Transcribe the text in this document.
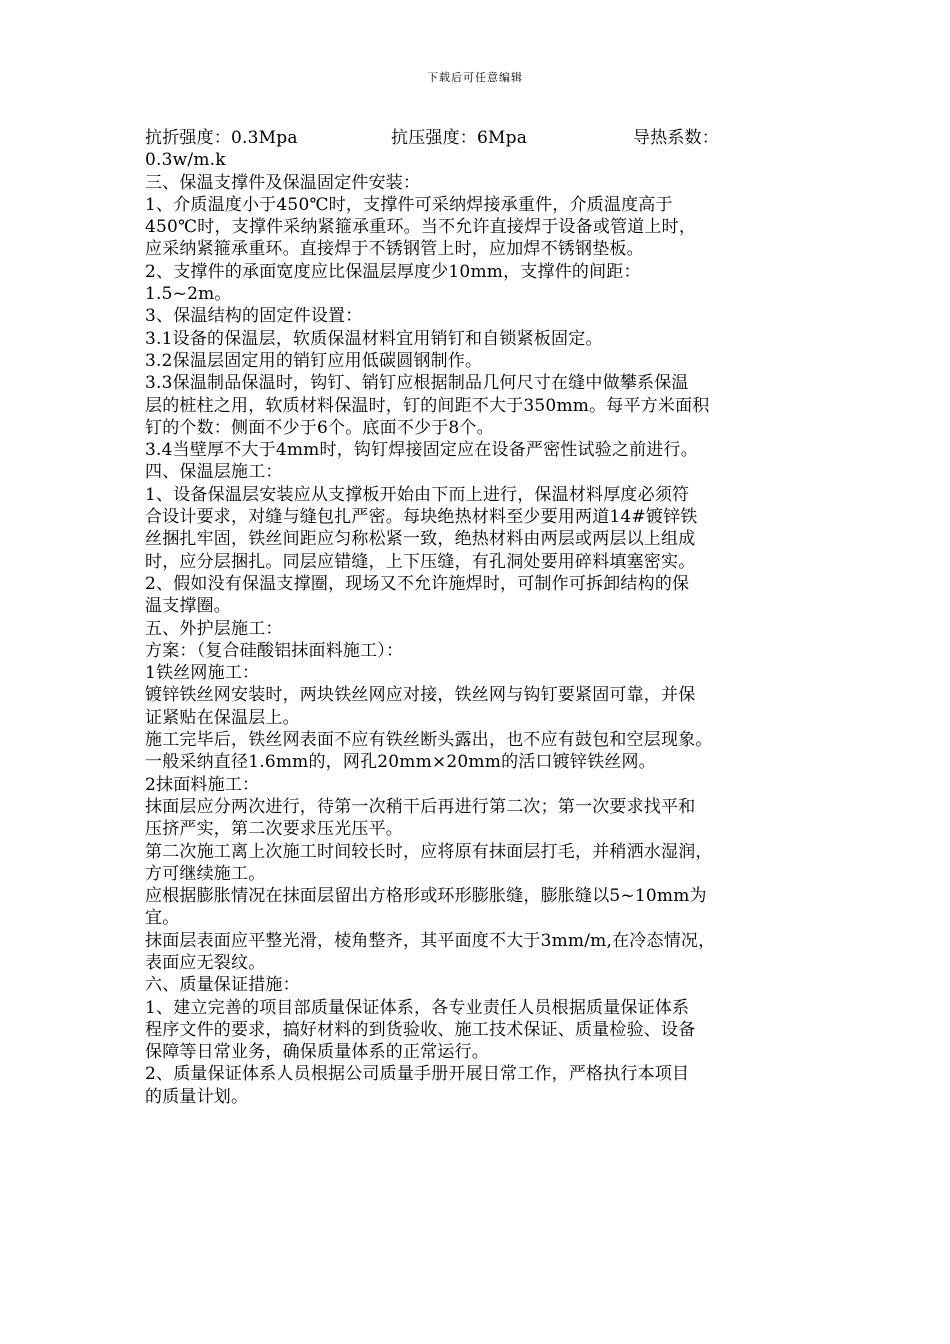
下载后可任意编辑
抗折强度：0.3Mpa	抗压强度：6Mpa	导热系数：
0.3w/m.k
三、保温支撑件及保温固定件安装：
1、介质温度小于450℃时，支撑件可采纳焊接承重件，介质温度高于
450℃时，支撑件采纳紧箍承重环。当不允许直接焊于设备或管道上时，
应采纳紧箍承重环。直接焊于不锈钢管上时，应加焊不锈钢垫板。
2、支撑件的承面宽度应比保温层厚度少10mm，支撑件的间距：
1.5~2m。
3、保温结构的固定件设置：
3.1设备的保温层，软质保温材料宜用销钉和自锁紧板固定。
3.2保温层固定用的销钉应用低碳圆钢制作。
3.3保温制品保温时，钩钉、销钉应根据制品几何尺寸在缝中做攀系保温
层的桩柱之用，软质材料保温时，钉的间距不大于350mm。每平方米面积
钉的个数：侧面不少于6个。底面不少于8个。
3.4当壁厚不大于4mm时，钩钉焊接固定应在设备严密性试验之前进行。
四、保温层施工：
1、设备保温层安装应从支撑板开始由下而上进行，保温材料厚度必须符
合设计要求，对缝与缝包扎严密。每块绝热材料至少要用两道14#镀锌铁
丝捆扎牢固，铁丝间距应匀称松紧一致，绝热材料由两层或两层以上组成
时，应分层捆扎。同层应错缝，上下压缝，有孔洞处要用碎料填塞密实。
2、假如没有保温支撑圈，现场又不允许施焊时，可制作可拆卸结构的保
温支撑圈。
五、外护层施工：
方案：（复合硅酸铝抹面料施工）：
1铁丝网施工：
镀锌铁丝网安装时，两块铁丝网应对接，铁丝网与钩钉要紧固可靠，并保
证紧贴在保温层上。
施工完毕后，铁丝网表面不应有铁丝断头露出，也不应有鼓包和空层现象。
一般采纳直径1.6mm的，网孔20mm×20mm的活口镀锌铁丝网。
2抹面料施工：
抹面层应分两次进行，待第一次稍干后再进行第二次；第一次要求找平和
压挤严实，第二次要求压光压平。
第二次施工离上次施工时间较长时，应将原有抹面层打毛，并稍洒水湿润，
方可继续施工。
应根据膨胀情况在抹面层留出方格形或环形膨胀缝，膨胀缝以5~10mm为
宜。
抹面层表面应平整光滑，棱角整齐，其平面度不大于3mm/m,在冷态情况，
表面应无裂纹。
六、质量保证措施：
1、建立完善的项目部质量保证体系，各专业责任人员根据质量保证体系
程序文件的要求，搞好材料的到货验收、施工技术保证、质量检验、设备
保障等日常业务，确保质量体系的正常运行。
2、质量保证体系人员根据公司质量手册开展日常工作，严格执行本项目
的质量计划。
